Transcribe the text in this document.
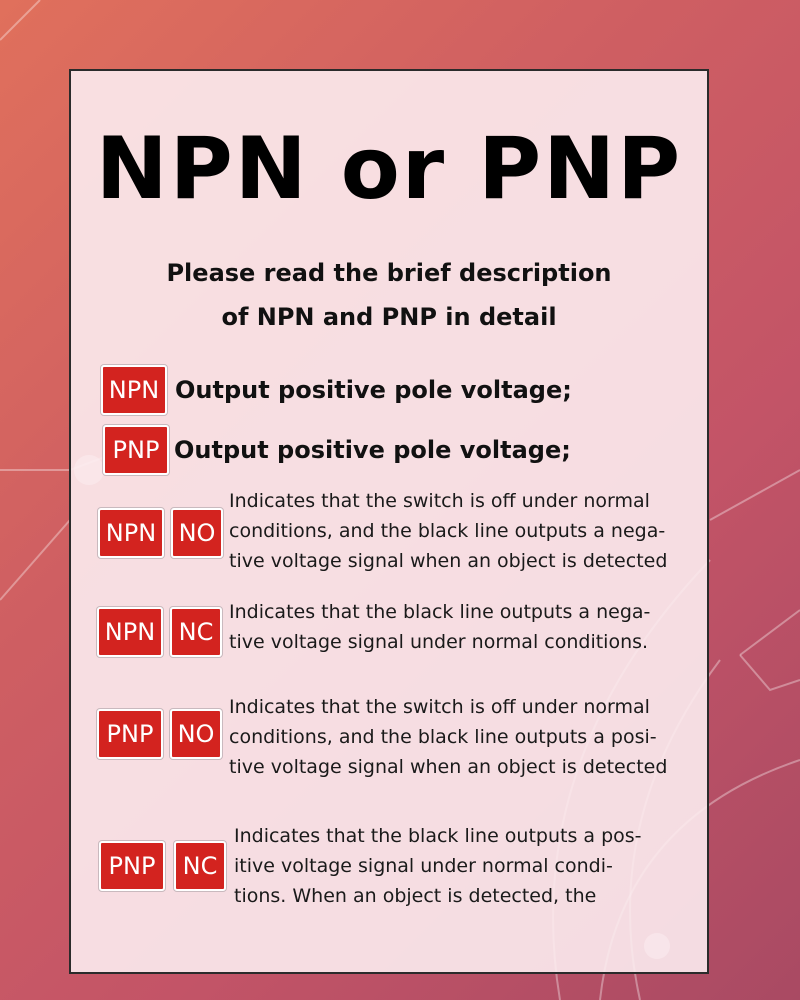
NPN or PNP
Please read the brief description
of NPN and PNP in detail
NPN Output positive pole voltage;
PNP Output positive pole voltage;
NPN NO
Indicates that the switch is off under normal
conditions, and the black line outputs a nega-
tive voltage signal when an object is detected
NPN NC
Indicates that the black line outputs a nega-
tive voltage signal under normal conditions.
PNP	NO
Indicates that the switch is off under normal
conditions, and the black line outputs a posi-
tive voltage signal when an object is detected
PNP	NC
Indicates that the black line outputs a pos-
itive voltage signal under normal condi-
tions. When an object is detected, the
